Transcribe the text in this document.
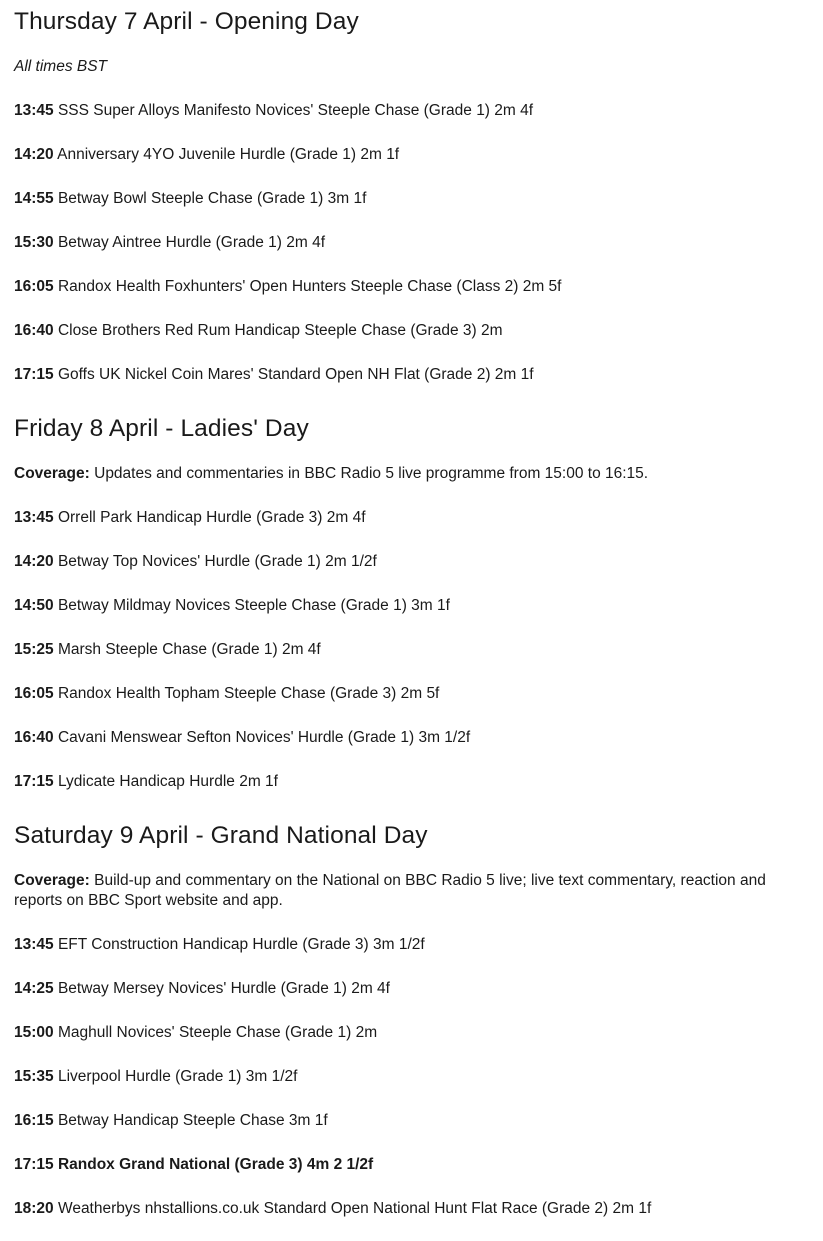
Thursday 7 April - Opening Day

All times BST

13:45 SSS Super Alloys Manifesto Novices' Steeple Chase (Grade 1) 2m 4f

14:20 Anniversary 4YO Juvenile Hurdle (Grade 1) 2m 1f

14:55 Betway Bowl Steeple Chase (Grade 1) 3m 1f

15:30 Betway Aintree Hurdle (Grade 1) 2m 4f

16:05 Randox Health Foxhunters' Open Hunters Steeple Chase (Class 2) 2m 5f

16:40 Close Brothers Red Rum Handicap Steeple Chase (Grade 3) 2m

17:15 Goffs UK Nickel Coin Mares' Standard Open NH Flat (Grade 2) 2m 1f

Friday 8 April - Ladies' Day

Coverage: Updates and commentaries in BBC Radio 5 live programme from 15:00 to 16:15.

13:45 Orrell Park Handicap Hurdle (Grade 3) 2m 4f

14:20 Betway Top Novices' Hurdle (Grade 1) 2m 1/2f

14:50 Betway Mildmay Novices Steeple Chase (Grade 1) 3m 1f

15:25 Marsh Steeple Chase (Grade 1) 2m 4f

16:05 Randox Health Topham Steeple Chase (Grade 3) 2m 5f

16:40 Cavani Menswear Sefton Novices' Hurdle (Grade 1) 3m 1/2f

17:15 Lydicate Handicap Hurdle 2m 1f

Saturday 9 April - Grand National Day

Coverage: Build-up and commentary on the National on BBC Radio 5 live; live text commentary, reaction and reports on BBC Sport website and app.

13:45 EFT Construction Handicap Hurdle (Grade 3) 3m 1/2f

14:25 Betway Mersey Novices' Hurdle (Grade 1) 2m 4f

15:00 Maghull Novices' Steeple Chase (Grade 1) 2m

15:35 Liverpool Hurdle (Grade 1) 3m 1/2f

16:15 Betway Handicap Steeple Chase 3m 1f

17:15 Randox Grand National (Grade 3) 4m 2 1/2f

18:20 Weatherbys nhstallions.co.uk Standard Open National Hunt Flat Race (Grade 2) 2m 1f
